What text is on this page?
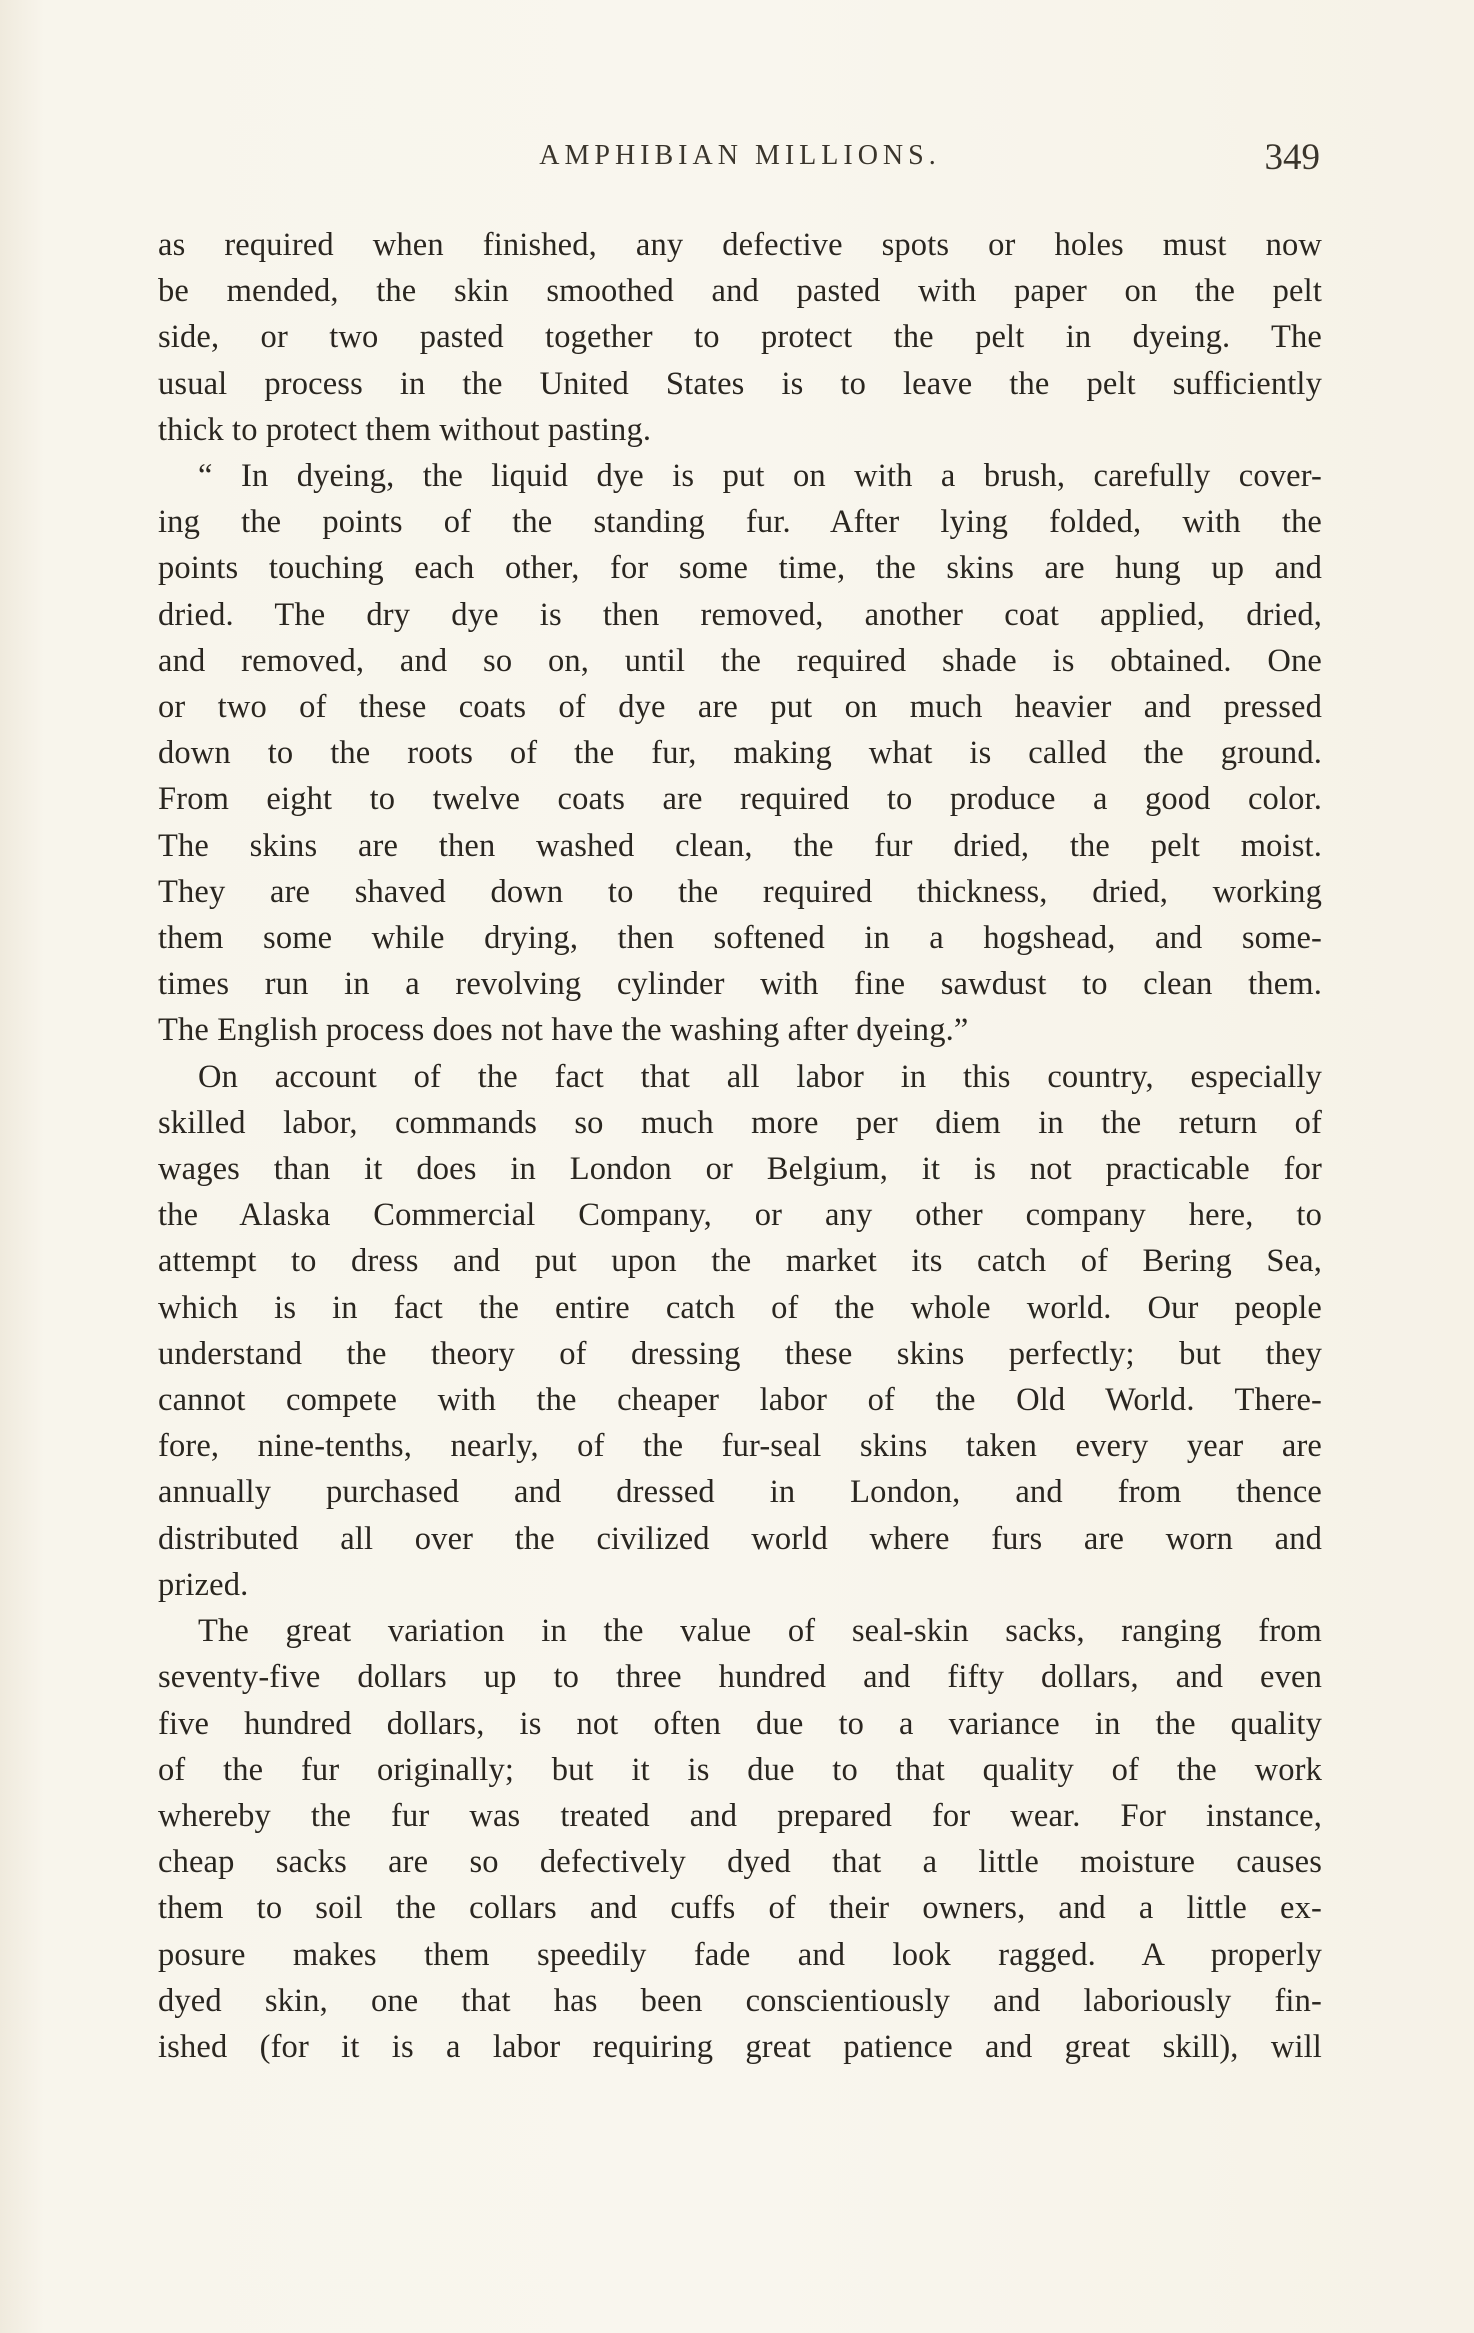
AMPHIBIAN MILLIONS.	349

as required when finished, any defective spots or holes must now

be mended, the skin smoothed and pasted with paper on the pelt

side, or two pasted together to protect the pelt in dyeing. The

usual process in the United States is to leave the pelt sufficiently

thick to protect them without pasting.

“ In dyeing, the liquid dye is put on with a brush, carefully cover-

ing the points of the standing fur. After lying folded, with the

points touching each other, for some time, the skins are hung up and

dried. The dry dye is then removed, another coat applied, dried,

and removed, and so on, until the required shade is obtained. One

or two of these coats of dye are put on much heavier and pressed

down to the roots of the fur, making what is called the ground.

From eight to twelve coats are required to produce a good color.

The skins are then washed clean, the fur dried, the pelt moist.

They are shaved down to the required thickness, dried, working

them some while drying, then softened in a hogshead, and some-

times run in a revolving cylinder with fine sawdust to clean them.

The English process does not have the washing after dyeing.”

On account of the fact that all labor in this country, especially

skilled labor, commands so much more per diem in the return of

wages than it does in London or Belgium, it is not practicable for

the Alaska Commercial Company, or any other company here, to

attempt to dress and put upon the market its catch of Bering Sea,

which is in fact the entire catch of the whole world. Our people

understand the theory of dressing these skins perfectly; but they

cannot compete with the cheaper labor of the Old World. There-

fore, nine-tenths, nearly, of the fur-seal skins taken every year are

annually purchased and dressed in London, and from thence

distributed all over the civilized world where furs are worn and

prized.

The great variation in the value of seal-skin sacks, ranging from

seventy-five dollars up to three hundred and fifty dollars, and even

five hundred dollars, is not often due to a variance in the quality

of the fur originally; but it is due to that quality of the work

whereby the fur was treated and prepared for wear. For instance,

cheap sacks are so defectively dyed that a little moisture causes

them to soil the collars and cuffs of their owners, and a little ex-

posure makes them speedily fade and look ragged. A properly

dyed skin, one that has been conscientiously and laboriously fin-

ished (for it is a labor requiring great patience and great skill), will
